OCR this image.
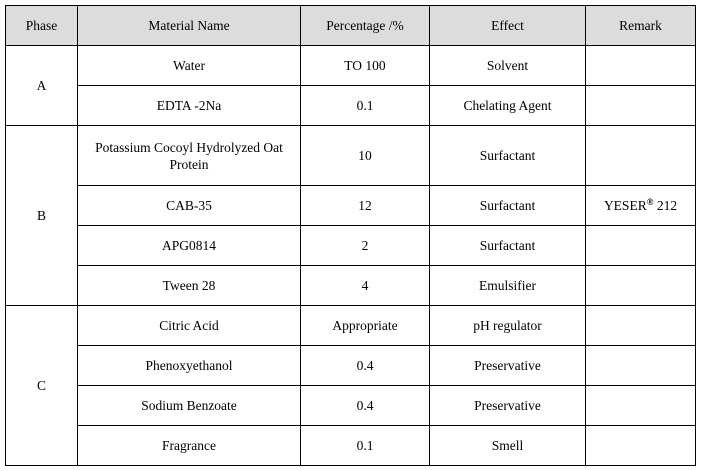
Phase	Material Name	Percentage /%	Effect	Remark
A	Water	TO 100	Solvent	
	EDTA -2Na	0.1	Chelating Agent	
B	Potassium Cocoyl Hydrolyzed Oat Protein	10	Surfactant	
	CAB-35	12	Surfactant	YESER® 212
	APG0814	2	Surfactant	
	Tween 28	4	Emulsifier	
C	Citric Acid	Appropriate	pH regulator	
	Phenoxyethanol	0.4	Preservative	
	Sodium Benzoate	0.4	Preservative	
	Fragrance	0.1	Smell	
